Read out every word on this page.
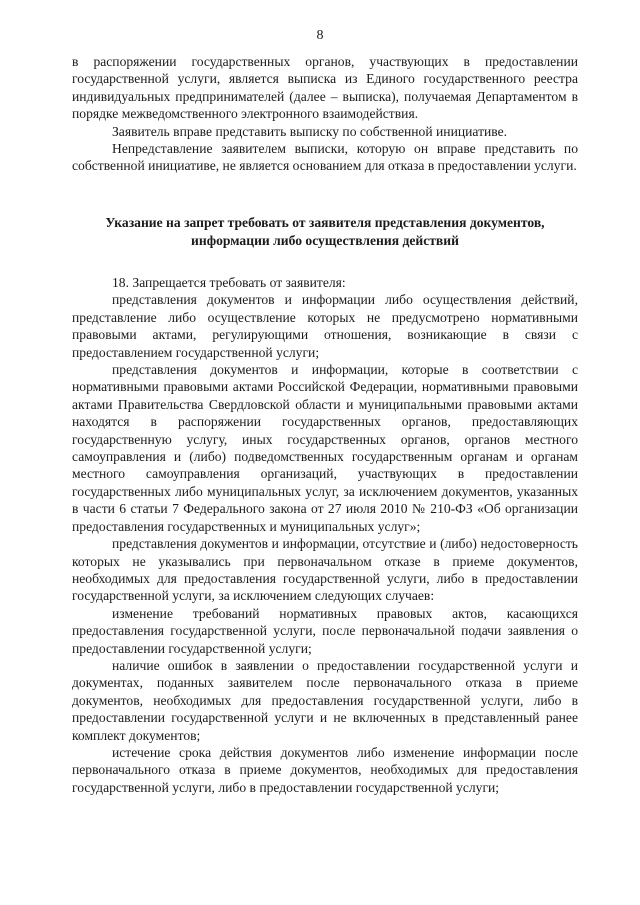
8

в распоряжении государственных органов, участвующих в предоставлении государственной услуги, является выписка из Единого государственного реестра индивидуальных предпринимателей (далее – выписка), получаемая Департаментом в порядке межведомственного электронного взаимодействия.

Заявитель вправе представить выписку по собственной инициативе.

Непредставление заявителем выписки, которую он вправе представить по собственной инициативе, не является основанием для отказа в предоставлении услуги.

Указание на запрет требовать от заявителя представления документов,

информации либо осуществления действий

18. Запрещается требовать от заявителя:

представления документов и информации либо осуществления действий, представление либо осуществление которых не предусмотрено нормативными правовыми актами, регулирующими отношения, возникающие в связи с предоставлением государственной услуги;

представления документов и информации, которые в соответствии с нормативными правовыми актами Российской Федерации, нормативными правовыми актами Правительства Свердловской области и муниципальными правовыми актами находятся в распоряжении государственных органов, предоставляющих государственную услугу, иных государственных органов, органов местного самоуправления и (либо) подведомственных государственным органам и органам местного самоуправления организаций, участвующих в предоставлении государственных либо муниципальных услуг, за исключением документов, указанных в части 6 статьи 7 Федерального закона от 27 июля 2010 № 210-ФЗ «Об организации предоставления государственных и муниципальных услуг»;

представления документов и информации, отсутствие и (либо) недостоверность которых не указывались при первоначальном отказе в приеме документов, необходимых для предоставления государственной услуги, либо в предоставлении государственной услуги, за исключением следующих случаев:

изменение требований нормативных правовых актов, касающихся предоставления государственной услуги, после первоначальной подачи заявления о предоставлении государственной услуги;

наличие ошибок в заявлении о предоставлении государственной услуги и документах, поданных заявителем после первоначального отказа в приеме документов, необходимых для предоставления государственной услуги, либо в предоставлении государственной услуги и не включенных в представленный ранее комплект документов;

истечение срока действия документов либо изменение информации после первоначального отказа в приеме документов, необходимых для предоставления государственной услуги, либо в предоставлении государственной услуги;
